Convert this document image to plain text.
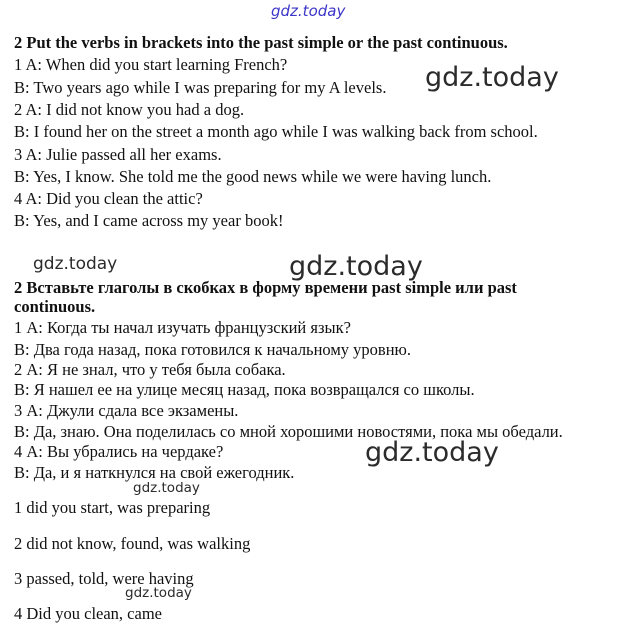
gdz.today
gdz.today
gdz.today	gdz.today
gdz.today
gdz.today
gdz.today
2 Put the verbs in brackets into the past simple or the past continuous.
1 A: When did you start learning French?
B: Two years ago while I was preparing for my A levels.
2 A: I did not know you had a dog.
B: I found her on the street a month ago while I was walking back from school.
3 A: Julie passed all her exams.
B: Yes, I know. She told me the good news while we were having lunch.
4 A: Did you clean the attic?
B: Yes, and I came across my year book!
2 Вставьте глаголы в скобках в форму времени past simple или past
continuous.
1 А: Когда ты начал изучать французский язык?
В: Два года назад, пока готовился к начальному уровню.
2 А: Я не знал, что у тебя была собака.
В: Я нашел ее на улице месяц назад, пока возвращался со школы.
3 А: Джули сдала все экзамены.
В: Да, знаю. Она поделилась со мной хорошими новостями, пока мы обедали.
4 А: Вы убрались на чердаке?
В: Да, и я наткнулся на свой ежегодник.
1 did you start, was preparing
2 did not know, found, was walking
3 passed, told, were having
4 Did you clean, came
